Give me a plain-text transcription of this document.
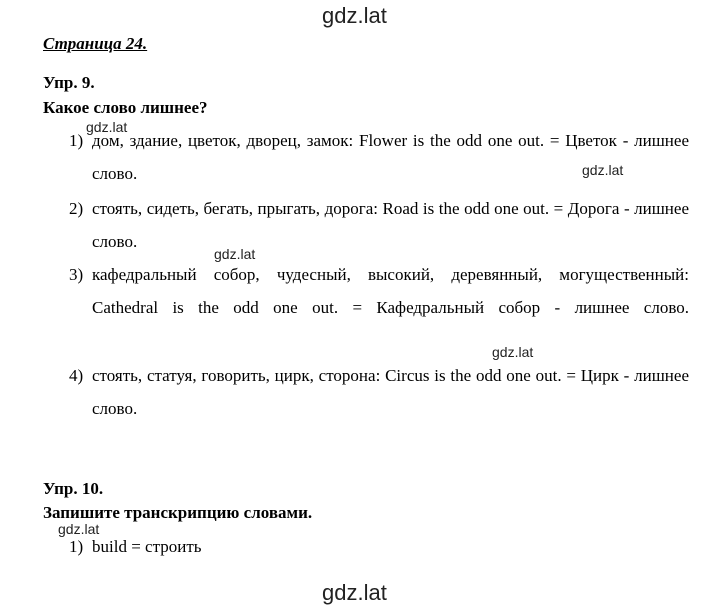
gdz.lat
Страница 24.
Упр. 9.
Какое слово лишнее?
gdz.lat
gdz.lat
1) дом, здание, цветок, дворец, замок: Flower is the odd one out. = Цветок - лишнее слово.
2) стоять, сидеть, бегать, прыгать, дорога: Road is the odd one out. = Дорога - лишнее слово.
gdz.lat
3) кафедральный собор, чудесный, высокий, деревянный, могущественный: Cathedral is the odd one out. = Кафедральный собор - лишнее слово.
gdz.lat
4) стоять, статуя, говорить, цирк, сторона: Circus is the odd one out. = Цирк - лишнее слово.
Упр. 10.
Запишите транскрипцию словами.
gdz.lat
1) build = строить
gdz.lat
